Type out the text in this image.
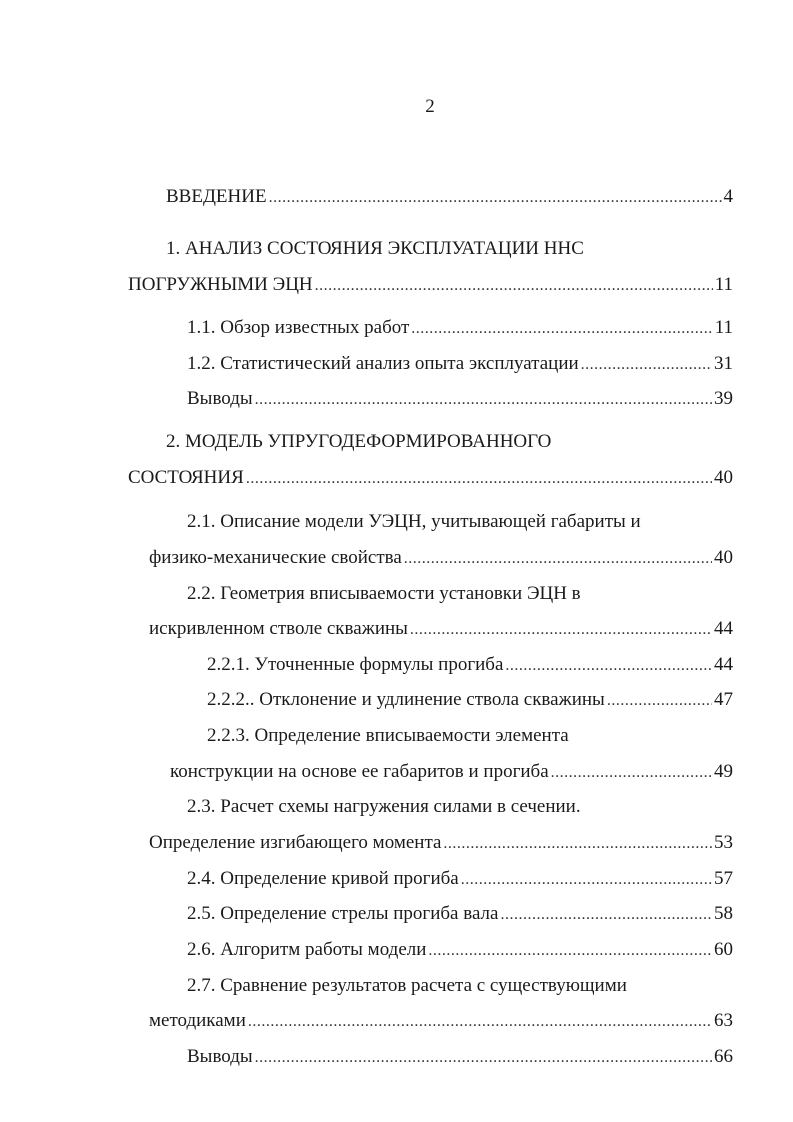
2
ВВЕДЕНИЕ .....	4
1. АНАЛИЗ СОСТОЯНИЯ ЭКСПЛУАТАЦИИ ННС
ПОГРУЖНЫМИ ЭЦН .....	11
1.1. Обзор известных работ .....	11
1.2. Статистический анализ опыта эксплуатации .....	31
Выводы .....	39
2. МОДЕЛЬ УПРУГОДЕФОРМИРОВАННОГО
СОСТОЯНИЯ .....	40
2.1. Описание модели УЭЦН, учитывающей габариты и
физико-механические свойства .....	40
2.2. Геометрия вписываемости установки ЭЦН в
искривленном стволе скважины .....	44
2.2.1. Уточненные формулы прогиба .....	44
2.2.2.. Отклонение и удлинение ствола скважины .....	47
2.2.3. Определение вписываемости элемента
конструкции на основе ее габаритов и прогиба .....	49
2.3. Расчет схемы нагружения силами в сечении.
Определение изгибающего момента .....	53
2.4. Определение кривой прогиба .....	57
2.5. Определение стрелы прогиба вала .....	58
2.6. Алгоритм работы модели .....	60
2.7. Сравнение результатов расчета с существующими
методиками .....	63
Выводы .....	66
